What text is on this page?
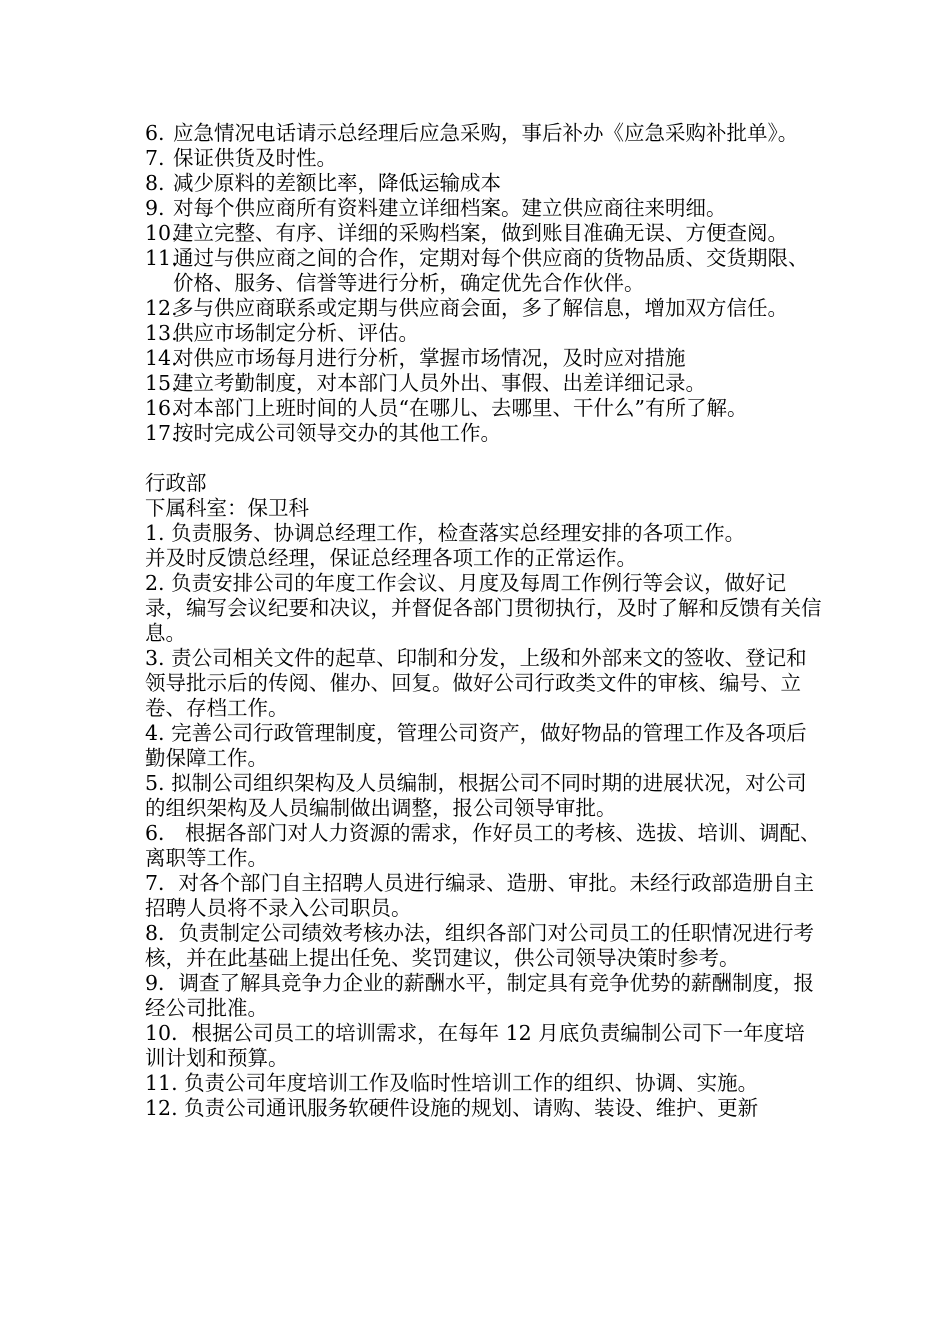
6. 应急情况电话请示总经理后应急采购，事后补办《应急采购补批单》。
7. 保证供货及时性。
8. 减少原料的差额比率，降低运输成本
9. 对每个供应商所有资料建立详细档案。建立供应商往来明细。
10.
建立完整、有序、详细的采购档案，做到账目准确无误、方便查阅。
11.
通过与供应商之间的合作，定期对每个供应商的货物品质、交货期限、价格、服务、信誉等进行分析，确定优先合作伙伴。
12.
多与供应商联系或定期与供应商会面，多了解信息，增加双方信任。
13.
供应市场制定分析、评估。
14.
对供应市场每月进行分析，掌握市场情况，及时应对措施
15.
建立考勤制度，对本部门人员外出、事假、出差详细记录。
16.
对本部门上班时间的人员“在哪儿、去哪里、干什么”有所了解。
17.
按时完成公司领导交办的其他工作。

行政部

下属科室：保卫科

1. 负责服务、协调总经理工作，检查落实总经理安排的各项工作。

并及时反馈总经理，保证总经理各项工作的正常运作。

2. 负责安排公司的年度工作会议、月度及每周工作例行等会议，做好记录，编写会议纪要和决议，并督促各部门贯彻执行，及时了解和反馈有关信息。

3. 责公司相关文件的起草、印制和分发，上级和外部来文的签收、登记和领导批示后的传阅、催办、回复。做好公司行政类文件的审核、编号、立卷、存档工作。

4. 完善公司行政管理制度，管理公司资产，做好物品的管理工作及各项后勤保障工作。

5. 拟制公司组织架构及人员编制，根据公司不同时期的进展状况，对公司的组织架构及人员编制做出调整，报公司领导审批。

6． 根据各部门对人力资源的需求，作好员工的考核、选拔、培训、调配、离职等工作。

7．对各个部门自主招聘人员进行编录、造册、审批。未经行政部造册自主招聘人员将不录入公司职员。

8．负责制定公司绩效考核办法，组织各部门对公司员工的任职情况进行考核，并在此基础上提出任免、奖罚建议，供公司领导决策时参考。

9．调查了解具竞争力企业的薪酬水平，制定具有竞争优势的薪酬制度，报经公司批准。

10．根据公司员工的培训需求，在每年 12 月底负责编制公司下一年度培训计划和预算。

11. 负责公司年度培训工作及临时性培训工作的组织、协调、实施。

12. 负责公司通讯服务软硬件设施的规划、请购、装设、维护、更新
